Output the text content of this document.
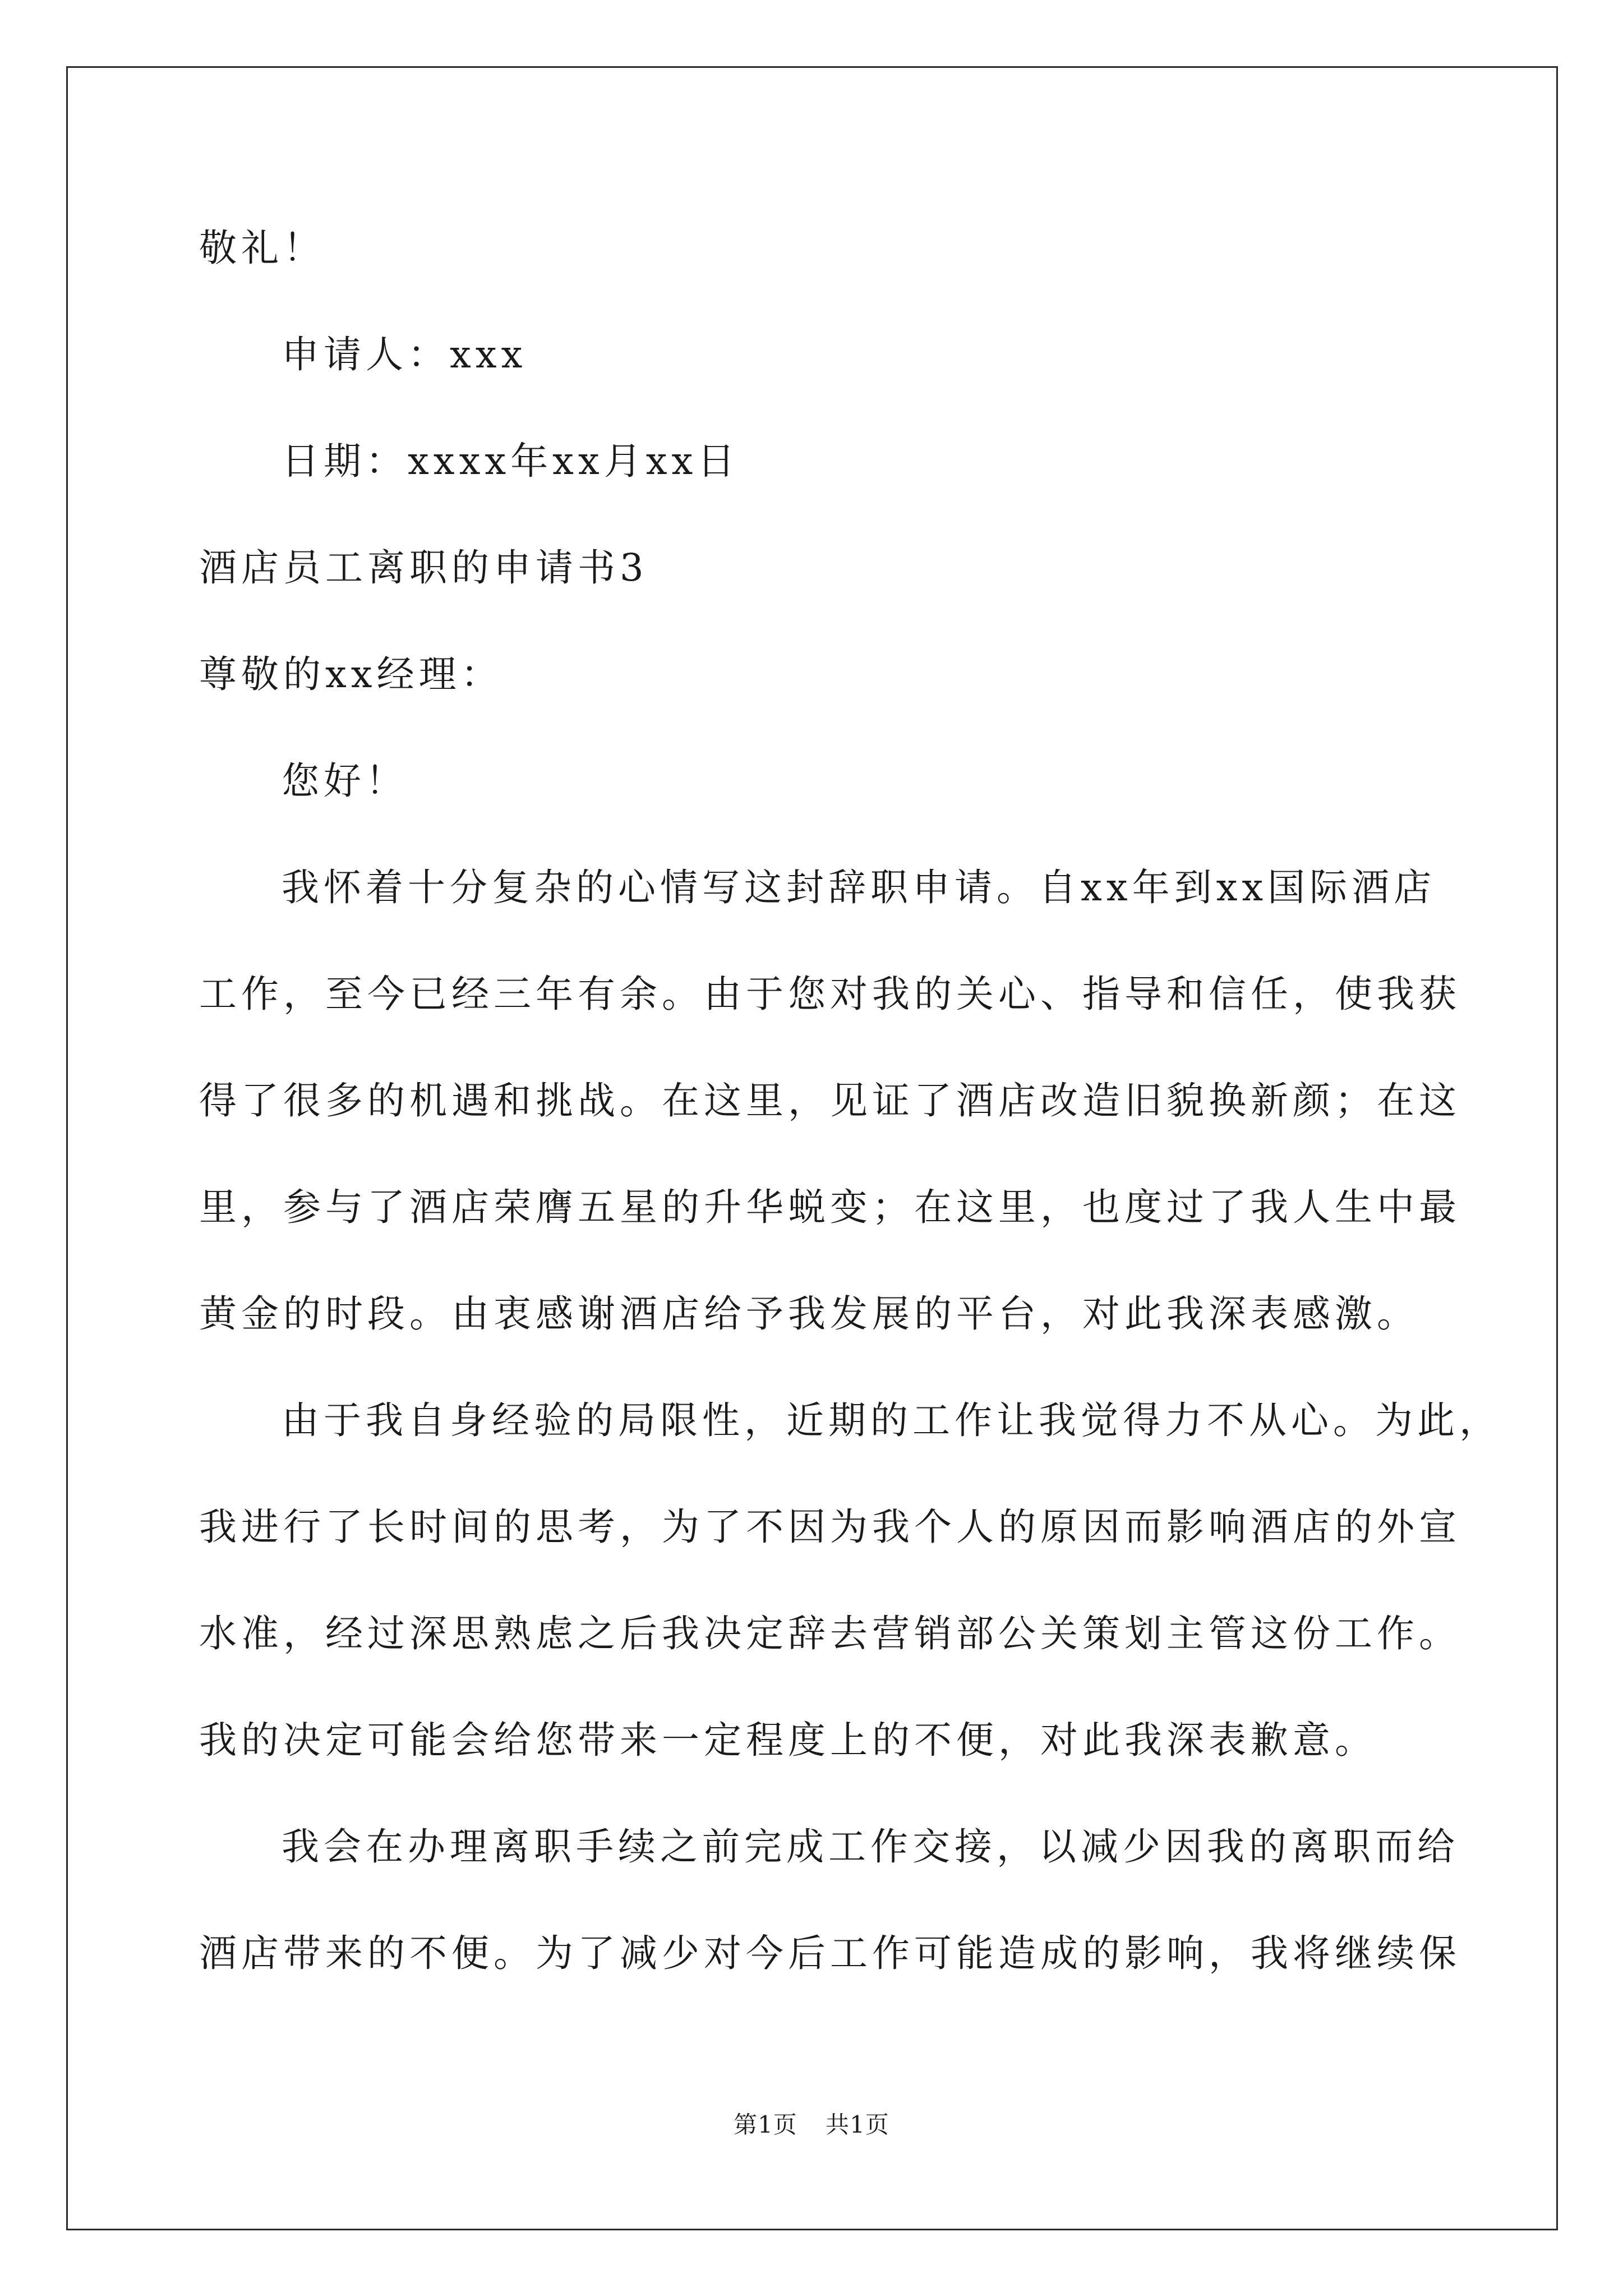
敬礼！
申请人：xxx
日期：xxxx年xx月xx日
酒店员工离职的申请书3
尊敬的xx经理：
您好！
我怀着十分复杂的心情写这封辞职申请。自xx年到xx国际酒店
工作，至今已经三年有余。由于您对我的关心、指导和信任，使我获
得了很多的机遇和挑战。在这里，见证了酒店改造旧貌换新颜；在这
里，参与了酒店荣膺五星的升华蜕变；在这里，也度过了我人生中最
黄金的时段。由衷感谢酒店给予我发展的平台，对此我深表感激。
由于我自身经验的局限性，近期的工作让我觉得力不从心。为此，
我进行了长时间的思考，为了不因为我个人的原因而影响酒店的外宣
水准，经过深思熟虑之后我决定辞去营销部公关策划主管这份工作。
我的决定可能会给您带来一定程度上的不便，对此我深表歉意。
我会在办理离职手续之前完成工作交接，以减少因我的离职而给
酒店带来的不便。为了减少对今后工作可能造成的影响，我将继续保
第1页 共1页
